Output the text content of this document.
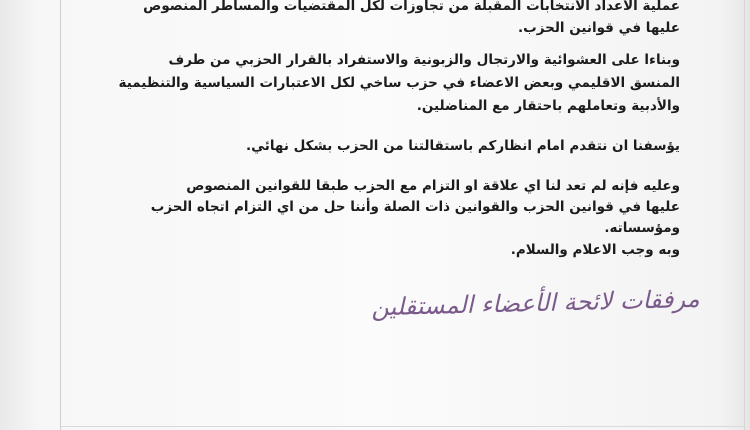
عملية الاعداد الانتخابات المقبلة من تجاوزات لكل المقتضيات والمساطر المنصوص
عليها في قوانين الحزب.
وبناءا على العشوائية والارتجال والزبونية والاستفراد بالقرار الحزبي من طرف
المنسق الاقليمي وبعض الاعضاء في حزب ساخي لكل الاعتبارات السياسية والتنظيمية
والأدبية وتعاملهم باحتقار مع المناضلين.
يؤسفنا ان نتقدم امام انظاركم باستقالتنا من الحزب بشكل نهائي.
وعليه فإنه لم تعد لنا اي علاقة او التزام مع الحزب طبقا للقوانين المنصوص
عليها في قوانين الحزب والقوانين ذات الصلة وأننا حل من اي التزام اتجاه الحزب
ومؤسساته.
وبه وجب الاعلام والسلام.
مرفقات لائحة الأعضاء المستقلين
